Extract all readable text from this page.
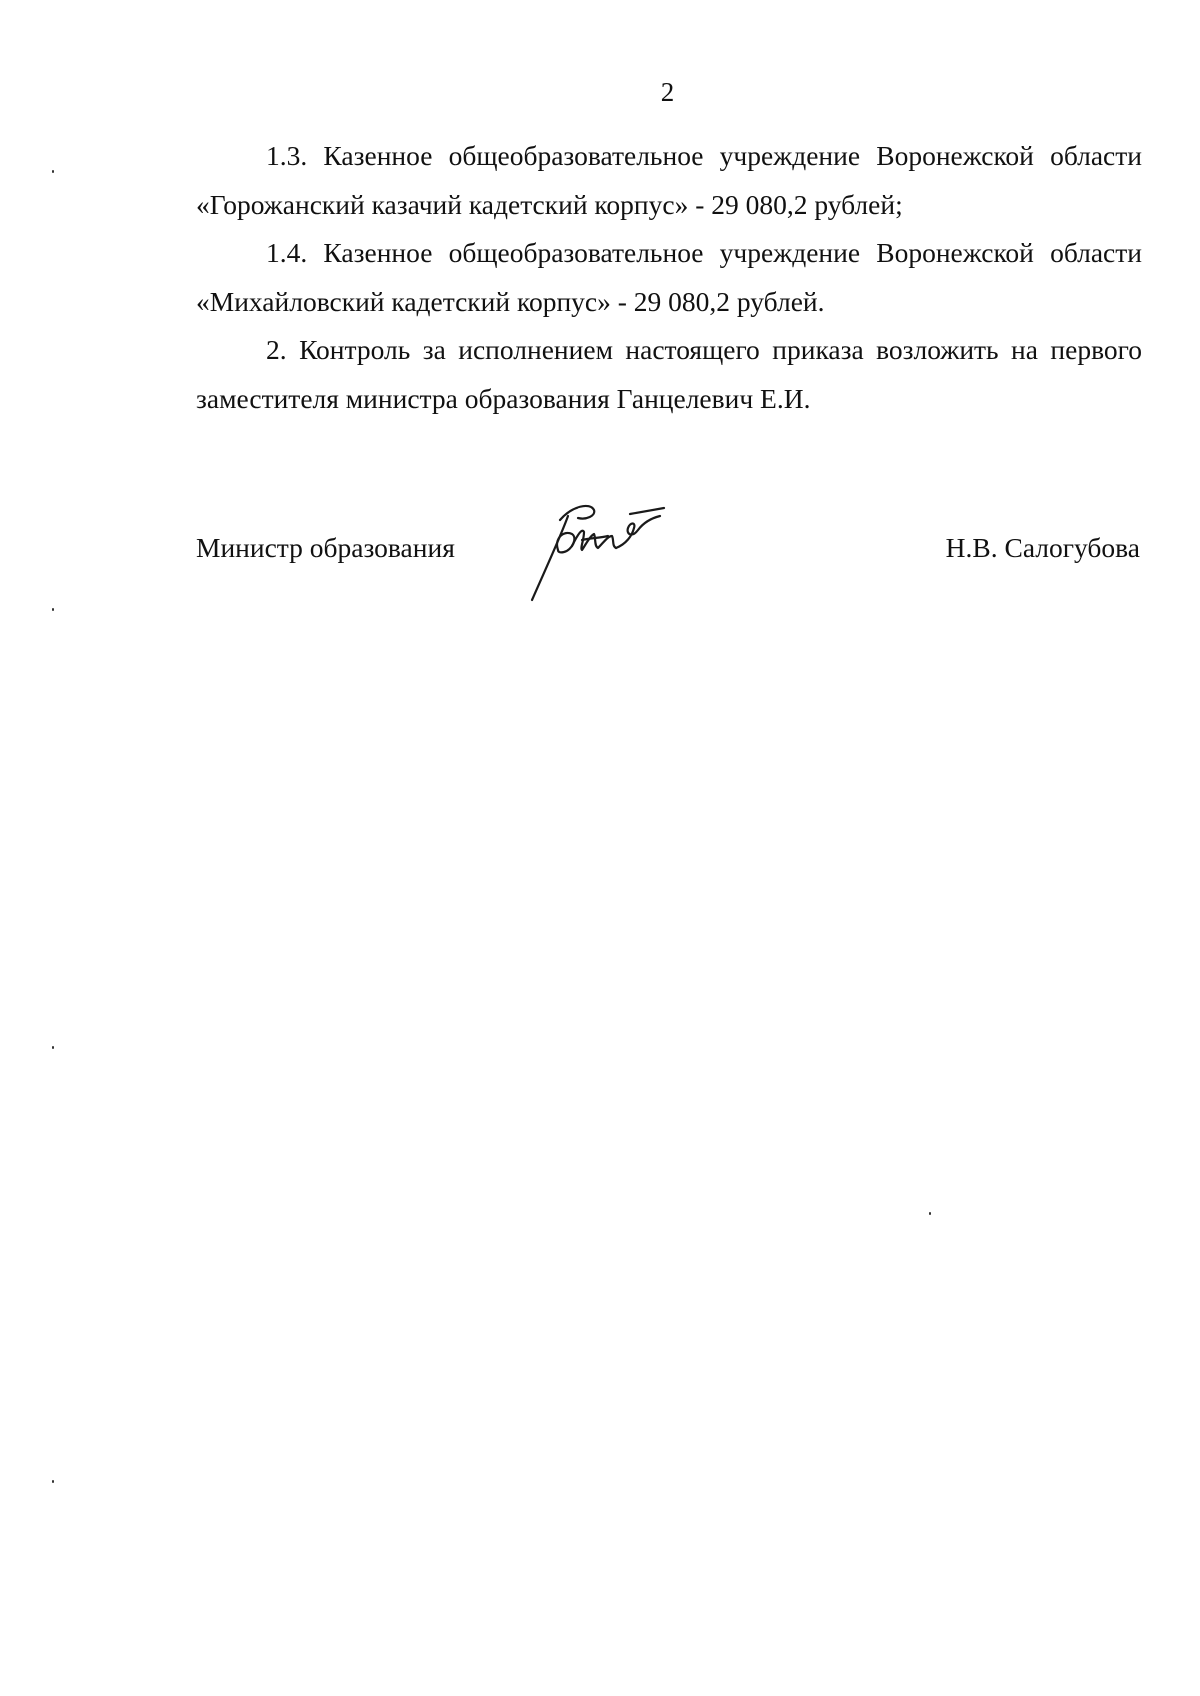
2

1.3. Казенное общеобразовательное учреждение Воронежской области «Горожанский казачий кадетский корпус» - 29 080,2 рублей;

1.4. Казенное общеобразовательное учреждение Воронежской области «Михайловский кадетский корпус» - 29 080,2 рублей.

2. Контроль за исполнением настоящего приказа возложить на первого заместителя министра образования Ганцелевич Е.И.

Министр образования	Н.В. Салогубова
